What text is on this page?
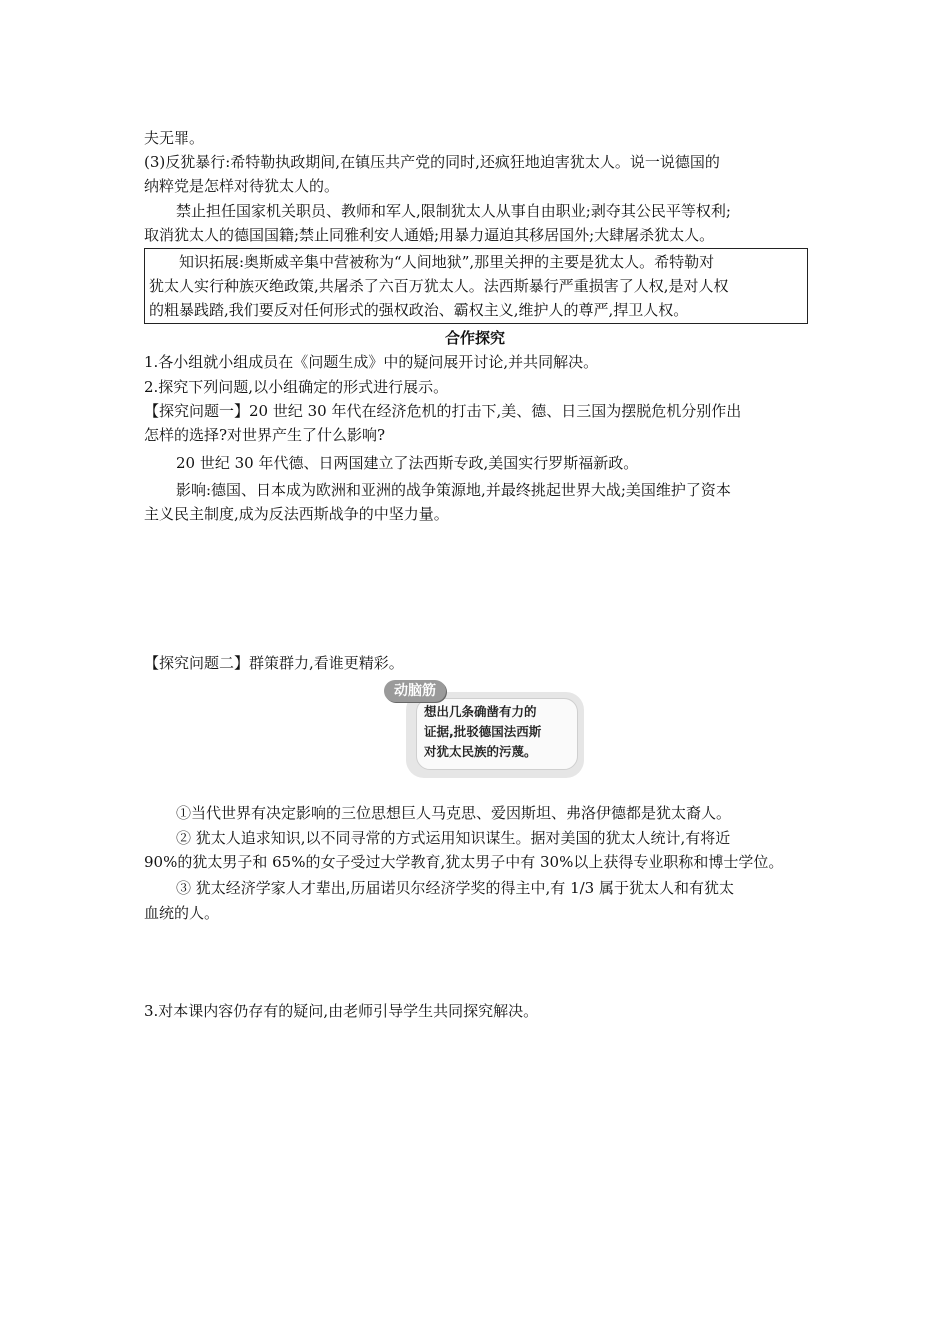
夫无罪。
(3)反犹暴行:希特勒执政期间,在镇压共产党的同时,还疯狂地迫害犹太人。说一说德国的
纳粹党是怎样对待犹太人的。
禁止担任国家机关职员、教师和军人,限制犹太人从事自由职业;剥夺其公民平等权利;
取消犹太人的德国国籍;禁止同雅利安人通婚;用暴力逼迫其移居国外;大肆屠杀犹太人。
知识拓展:奥斯威辛集中营被称为“人间地狱”,那里关押的主要是犹太人。希特勒对
犹太人实行种族灭绝政策,共屠杀了六百万犹太人。法西斯暴行严重损害了人权,是对人权
的粗暴践踏,我们要反对任何形式的强权政治、霸权主义,维护人的尊严,捍卫人权。
合作探究
1.各小组就小组成员在《问题生成》中的疑问展开讨论,并共同解决。
2.探究下列问题,以小组确定的形式进行展示。
【探究问题一】20 世纪 30 年代在经济危机的打击下,美、德、日三国为摆脱危机分别作出
怎样的选择?对世界产生了什么影响?
20 世纪 30 年代德、日两国建立了法西斯专政,美国实行罗斯福新政。
影响:德国、日本成为欧洲和亚洲的战争策源地,并最终挑起世界大战;美国维护了资本
主义民主制度,成为反法西斯战争的中坚力量。
【探究问题二】群策群力,看谁更精彩。
动脑筋
想出几条确凿有力的
证据,批驳德国法西斯
对犹太民族的污蔑。
①当代世界有决定影响的三位思想巨人马克思、爱因斯坦、弗洛伊德都是犹太裔人。
② 犹太人追求知识,以不同寻常的方式运用知识谋生。据对美国的犹太人统计,有将近
90%的犹太男子和 65%的女子受过大学教育,犹太男子中有 30%以上获得专业职称和博士学位。
③ 犹太经济学家人才辈出,历届诺贝尔经济学奖的得主中,有 1/3 属于犹太人和有犹太
血统的人。
3.对本课内容仍存有的疑问,由老师引导学生共同探究解决。
